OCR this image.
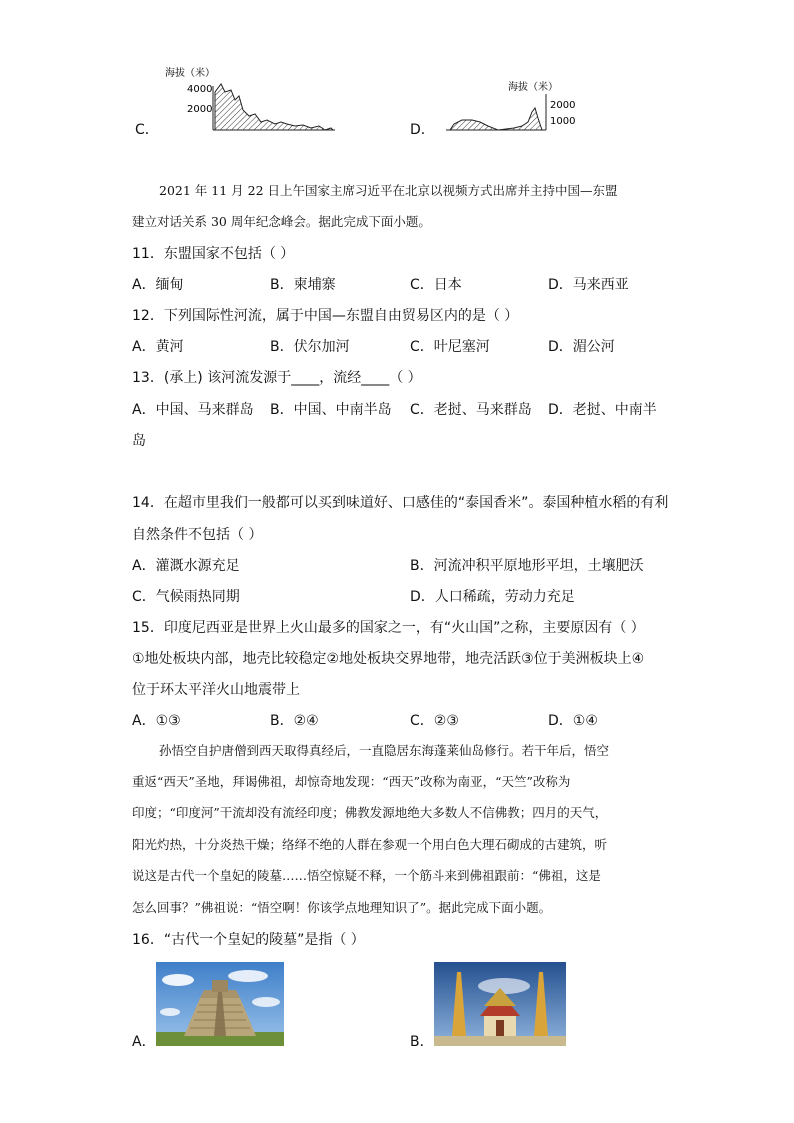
C．
海拔（米）
4000
2000
D．
海拔（米）
2000
1000
2021 年 11 月 22 日上午国家主席习近平在北京以视频方式出席并主持中国—东盟
建立对话关系 30 周年纪念峰会。据此完成下面小题。
11．东盟国家不包括（ ）
A．缅甸	B．柬埔寨	C．日本	D．马来西亚
12．下列国际性河流，属于中国—东盟自由贸易区内的是（ ）
A．黄河	B．伏尔加河	C．叶尼塞河	D．湄公河
13．(承上) 该河流发源于____，流经____（ ）
A．中国、马来群岛 B．中国、中南半岛 C．老挝、马来群岛 D．老挝、中南半
岛
14．在超市里我们一般都可以买到味道好、口感佳的“泰国香米”。泰国种植水稻的有利
自然条件不包括（ ）
A．灌溉水源充足	B．河流冲积平原地形平坦，土壤肥沃
C．气候雨热同期	D．人口稀疏，劳动力充足
15．印度尼西亚是世界上火山最多的国家之一，有“火山国”之称，主要原因有（ ）
①地处板块内部，地壳比较稳定②地处板块交界地带，地壳活跃③位于美洲板块上④
位于环太平洋火山地震带上
A．①③	B．②④	C．②③	D．①④
孙悟空自护唐僧到西天取得真经后，一直隐居东海蓬莱仙岛修行。若干年后，悟空
重返“西天”圣地，拜谒佛祖，却惊奇地发现：“西天”改称为南亚，“天竺”改称为
印度；“印度河”干流却没有流经印度；佛教发源地绝大多数人不信佛教；四月的天气，
阳光灼热，十分炎热干燥；络绎不绝的人群在参观一个用白色大理石砌成的古建筑，听
说这是古代一个皇妃的陵墓……悟空惊疑不释，一个筋斗来到佛祖跟前：“佛祖，这是
怎么回事？”佛祖说：“悟空啊！你该学点地理知识了”。据此完成下面小题。
16．“古代一个皇妃的陵墓”是指（ ）
A．	B．
